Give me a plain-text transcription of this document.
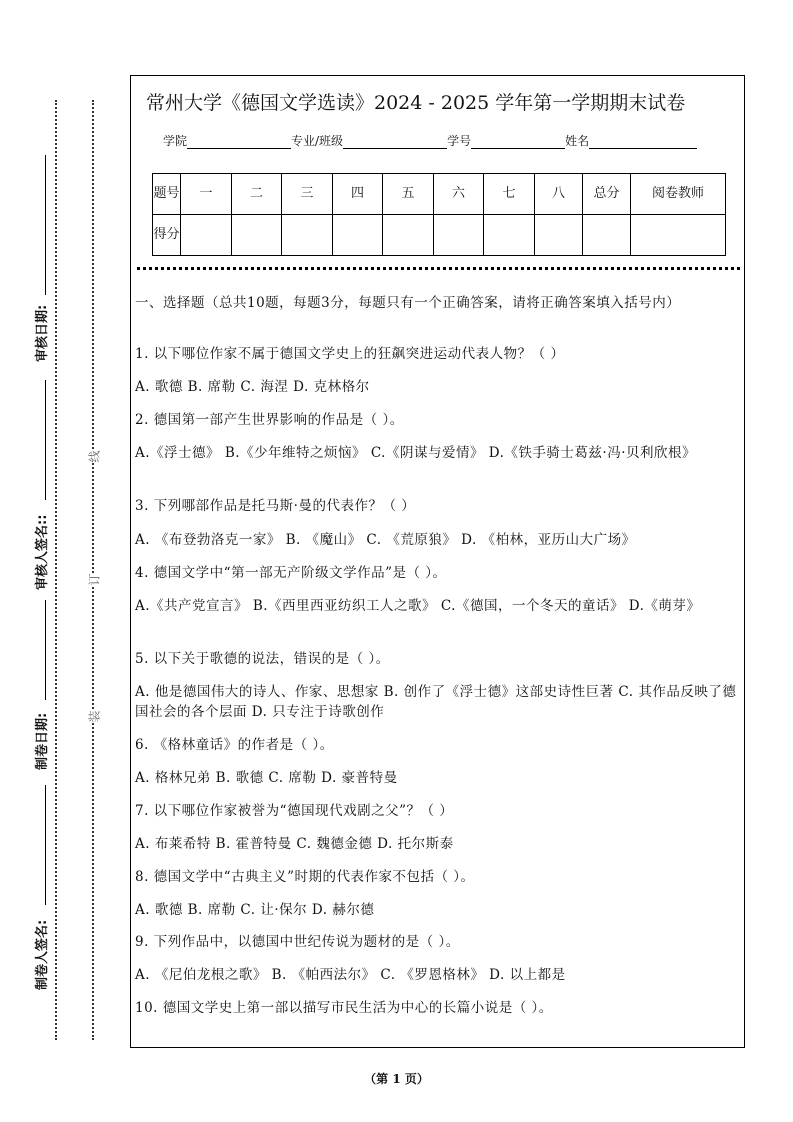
审核日期:
审核人签名::
制卷日期:
制卷人签名:
线
订
装
常州大学《德国文学选读》2024 - 2025 学年第一学期期末试卷
学院	专业/班级	学号	姓名
题号	一	二	三	四	五	六	七	八	总分	阅卷教师
得分										
一、选择题（总共10题，每题3分，每题只有一个正确答案，请将正确答案填入括号内）
1. 以下哪位作家不属于德国文学史上的狂飙突进运动代表人物？（ ）
A. 歌德 B. 席勒 C. 海涅 D. 克林格尔
2. 德国第一部产生世界影响的作品是（ ）。
A.《浮士德》 B.《少年维特之烦恼》 C.《阴谋与爱情》 D.《铁手骑士葛兹·冯·贝利欣根》
3. 下列哪部作品是托马斯·曼的代表作？（ ）
A. 《布登勃洛克一家》 B. 《魔山》 C. 《荒原狼》 D. 《柏林，亚历山大广场》
4. 德国文学中“第一部无产阶级文学作品”是（ ）。
A.《共产党宣言》 B.《西里西亚纺织工人之歌》 C.《德国，一个冬天的童话》 D.《萌芽》
5. 以下关于歌德的说法，错误的是（ ）。
A. 他是德国伟大的诗人、作家、思想家 B. 创作了《浮士德》这部史诗性巨著 C. 其作品反映了德国社会的各个层面 D. 只专注于诗歌创作
6. 《格林童话》的作者是（ ）。
A. 格林兄弟 B. 歌德 C. 席勒 D. 豪普特曼
7. 以下哪位作家被誉为“德国现代戏剧之父”？（ ）
A. 布莱希特 B. 霍普特曼 C. 魏德金德 D. 托尔斯泰
8. 德国文学中“古典主义”时期的代表作家不包括（ ）。
A. 歌德 B. 席勒 C. 让·保尔 D. 赫尔德
9. 下列作品中，以德国中世纪传说为题材的是（ ）。
A. 《尼伯龙根之歌》 B. 《帕西法尔》 C. 《罗恩格林》 D. 以上都是
10. 德国文学史上第一部以描写市民生活为中心的长篇小说是（ ）。
（第 1 页）
